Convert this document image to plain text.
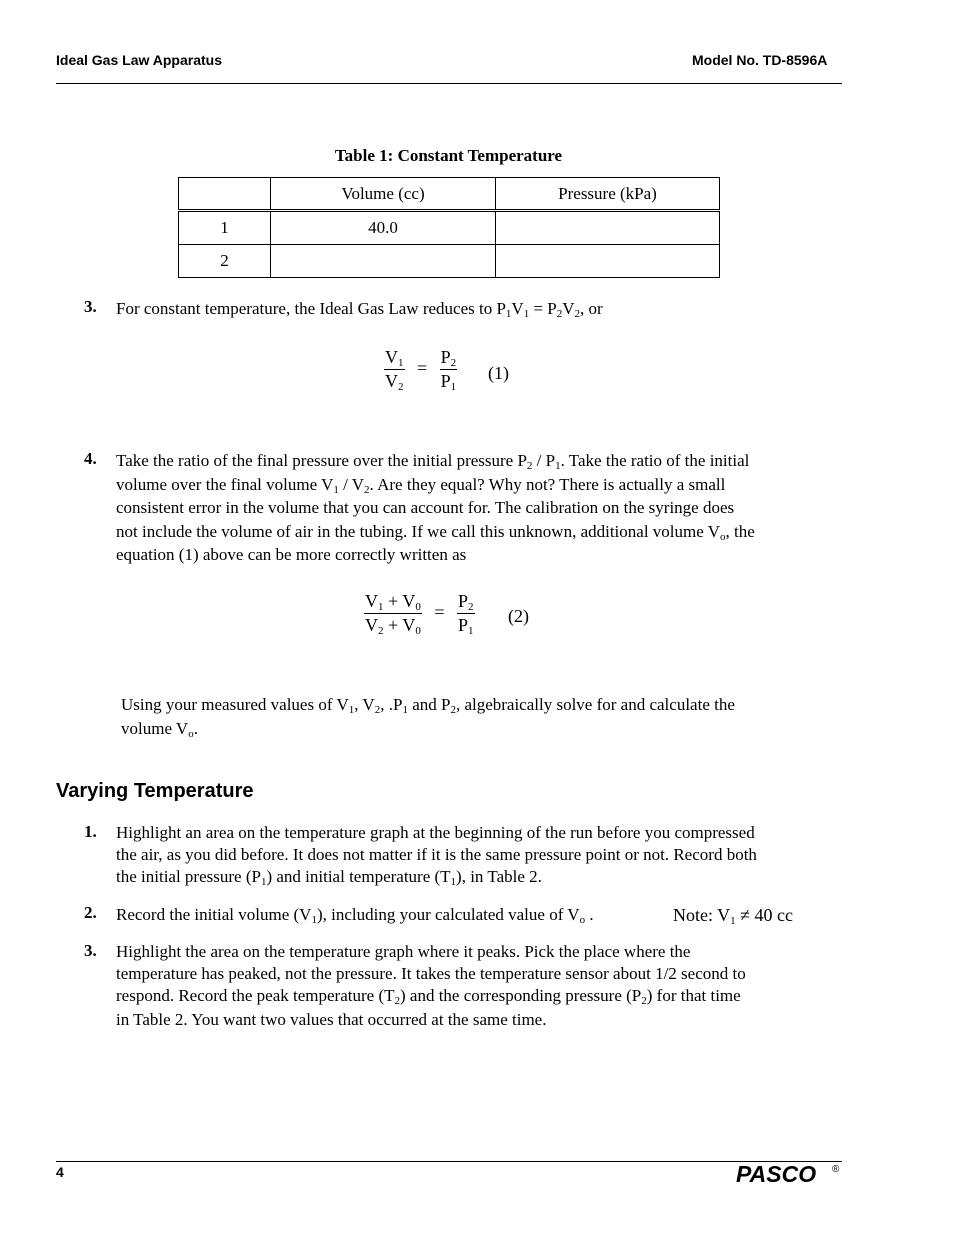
Ideal Gas Law Apparatus	Model No. TD-8596A
Table 1: Constant Temperature
	Volume (cc)	Pressure (kPa)
1	40.0	
2		
3. For constant temperature, the Ideal Gas Law reduces to $P_1V_1 = P_2V_2$, or
$\frac{V_1}{V_2} = \frac{P_2}{P_1} (1)$
4. Take the ratio of the final pressure over the initial pressure $P_2 / P_1$. Take the ratio of the initial
volume over the final volume $V_1 / V_2$. Are they equal? Why not? There is actually a small
consistent error in the volume that you can account for. The calibration on the syringe does
not include the volume of air in the tubing. If we call this unknown, additional volume $V_o$, the
equation (1) above can be more correctly written as
$\frac{V_1 + V_0}{V_2 + V_0} = \frac{P_2}{P_1} (2)$
Using your measured values of $V_1$, $V_2$, $.P_1$ and $P_2$, algebraically solve for and calculate the
volume $V_o$.
Varying Temperature
1. Highlight an area on the temperature graph at the beginning of the run before you compressed
the air, as you did before. It does not matter if it is the same pressure point or not. Record both
the initial pressure $(P_1)$ and initial temperature $(T_1)$, in Table 2.
2. Record the initial volume $(V_1)$, including your calculated value of $V_o$ .	Note: $V_1 \ne 40$ cc
3. Highlight the area on the temperature graph where it peaks. Pick the place where the
temperature has peaked, not the pressure. It takes the temperature sensor about 1/2 second to
respond. Record the peak temperature $(T_2)$ and the corresponding pressure $(P_2)$ for that time
in Table 2. You want two values that occurred at the same time.
4	PASCO	®
